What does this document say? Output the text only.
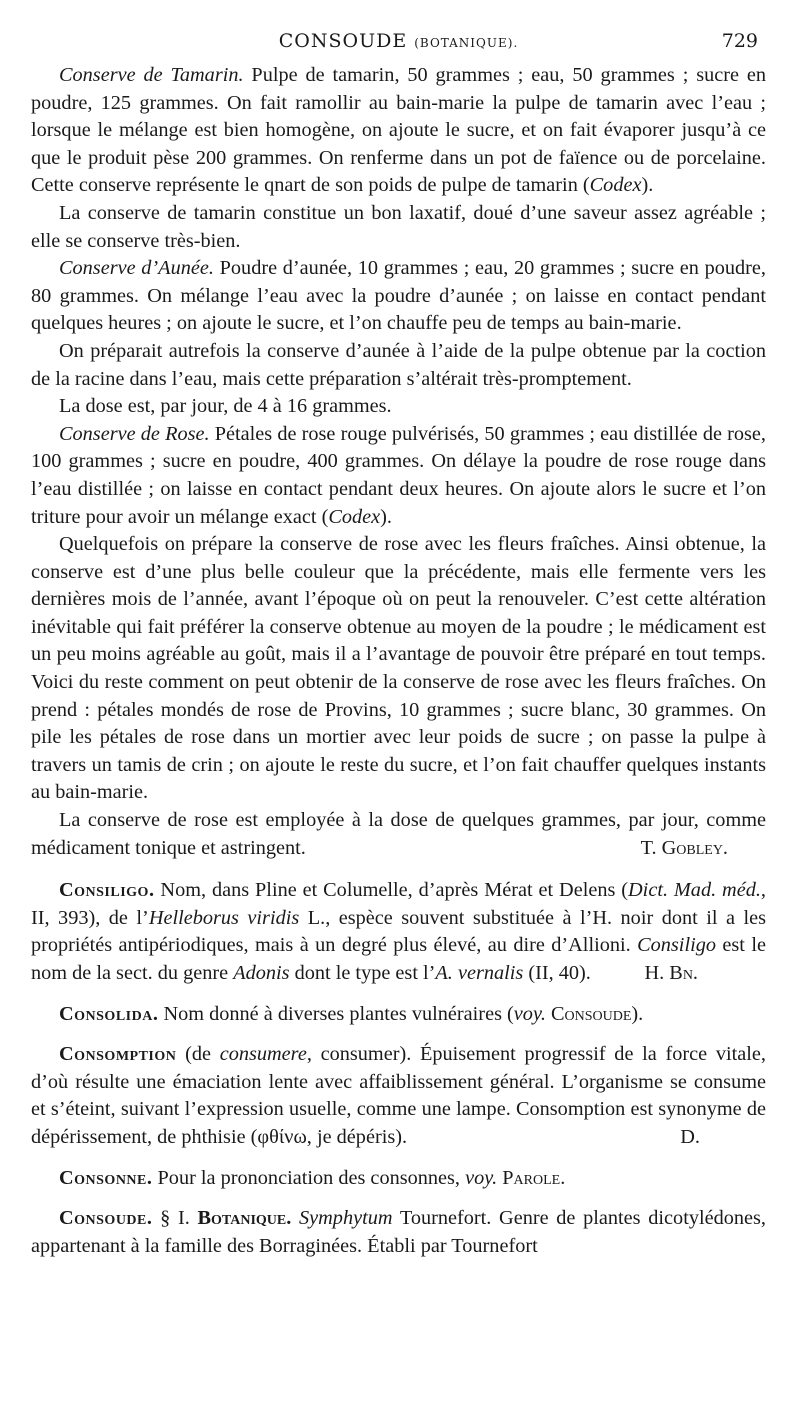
CONSOUDE (BOTANIQUE).	729

Conserve de Tamarin. Pulpe de tamarin, 50 grammes ; eau, 50 grammes ; sucre en poudre, 125 grammes. On fait ramollir au bain-marie la pulpe de tamarin avec l’eau ; lorsque le mélange est bien homogène, on ajoute le sucre, et on fait évaporer jusqu’à ce que le produit pèse 200 grammes. On renferme dans un pot de faïence ou de porcelaine. Cette conserve représente le qnart de son poids de pulpe de tamarin (Codex).

La conserve de tamarin constitue un bon laxatif, doué d’une saveur assez agréable ; elle se conserve très-bien.

Conserve d’Aunée. Poudre d’aunée, 10 grammes ; eau, 20 grammes ; sucre en poudre, 80 grammes. On mélange l’eau avec la poudre d’aunée ; on laisse en contact pendant quelques heures ; on ajoute le sucre, et l’on chauffe peu de temps au bain-marie.

On préparait autrefois la conserve d’aunée à l’aide de la pulpe obtenue par la coction de la racine dans l’eau, mais cette préparation s’altérait très-promptement.

La dose est, par jour, de 4 à 16 grammes.

Conserve de Rose. Pétales de rose rouge pulvérisés, 50 grammes ; eau distillée de rose, 100 grammes ; sucre en poudre, 400 grammes. On délaye la poudre de rose rouge dans l’eau distillée ; on laisse en contact pendant deux heures. On ajoute alors le sucre et l’on triture pour avoir un mélange exact (Codex).

Quelquefois on prépare la conserve de rose avec les fleurs fraîches. Ainsi obtenue, la conserve est d’une plus belle couleur que la précédente, mais elle fermente vers les dernières mois de l’année, avant l’époque où on peut la renouveler. C’est cette altération inévitable qui fait préférer la conserve obtenue au moyen de la poudre ; le médicament est un peu moins agréable au goût, mais il a l’avantage de pouvoir être préparé en tout temps. Voici du reste comment on peut obtenir de la conserve de rose avec les fleurs fraîches. On prend : pétales mondés de rose de Provins, 10 grammes ; sucre blanc, 30 grammes. On pile les pétales de rose dans un mortier avec leur poids de sucre ; on passe la pulpe à travers un tamis de crin ; on ajoute le reste du sucre, et l’on fait chauffer quelques instants au bain-marie.

La conserve de rose est employée à la dose de quelques grammes, par jour, comme médicament tonique et astringent.	T. Gobley.

Consiligo. Nom, dans Pline et Columelle, d’après Mérat et Delens (Dict. Mad. méd., II, 393), de l’Helleborus viridis L., espèce souvent substituée à l’H. noir dont il a les propriétés antipériodiques, mais à un degré plus élevé, au dire d’Allioni. Consiligo est le nom de la sect. du genre Adonis dont le type est l’A. vernalis (II, 40).	H. Bn.

Consolida. Nom donné à diverses plantes vulnéraires (voy. Consoude).

Consomption (de consumere, consumer). Épuisement progressif de la force vitale, d’où résulte une émaciation lente avec affaiblissement général. L’organisme se consume et s’éteint, suivant l’expression usuelle, comme une lampe. Consomption est synonyme de dépérissement, de phthisie (φθίνω, je dépéris).	D.

Consonne. Pour la prononciation des consonnes, voy. Parole.

Consoude. § I. Botanique. Symphytum Tournefort. Genre de plantes dicotylédones, appartenant à la famille des Borraginées. Établi par Tournefort
